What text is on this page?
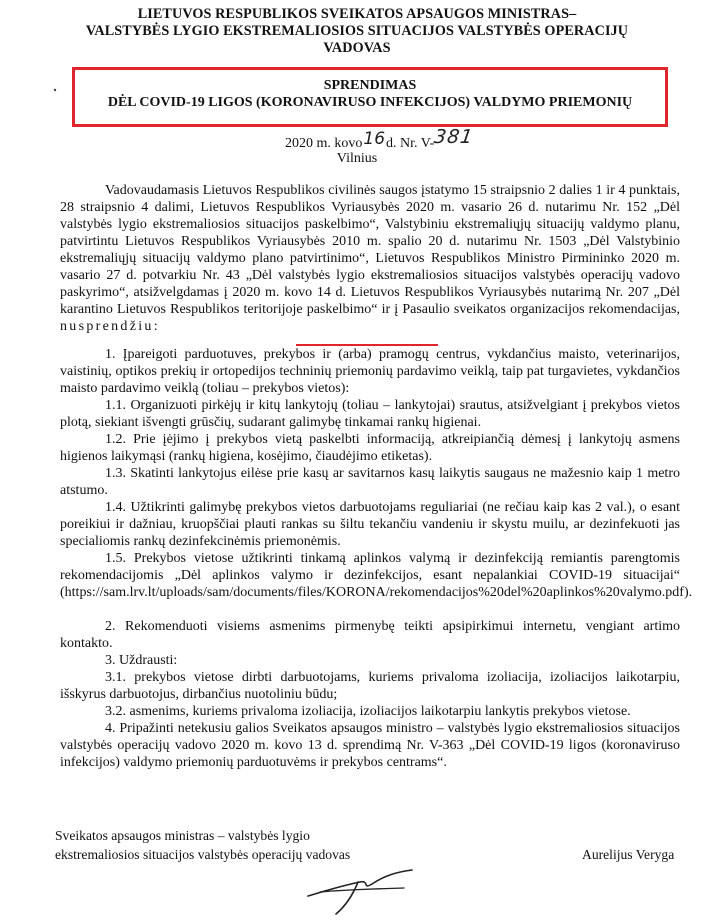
LIETUVOS RESPUBLIKOS SVEIKATOS APSAUGOS MINISTRAS–
VALSTYBĖS LYGIO EKSTREMALIOSIOS SITUACIJOS VALSTYBĖS OPERACIJŲ
VADOVAS
SPRENDIMAS
DĖL COVID-19 LIGOS (KORONAVIRUSO INFEKCIJOS) VALDYMO PRIEMONIŲ
2020 m. kovo16d. Nr. V-381
Vilnius
Vadovaudamasis Lietuvos Respublikos civilinės saugos įstatymo 15 straipsnio 2 dalies 1 ir 4 punktais, 28 straipsnio 4 dalimi, Lietuvos Respublikos Vyriausybės 2020 m. vasario 26 d. nutarimu Nr. 152 „Dėl valstybės lygio ekstremaliosios situacijos paskelbimo“, Valstybiniu ekstremaliųjų situacijų valdymo planu, patvirtintu Lietuvos Respublikos Vyriausybės 2010 m. spalio 20 d. nutarimu Nr. 1503 „Dėl Valstybinio ekstremaliųjų situacijų valdymo plano patvirtinimo“, Lietuvos Respublikos Ministro Pirmininko 2020 m. vasario 27 d. potvarkiu Nr. 43 „Dėl valstybės lygio ekstremaliosios situacijos valstybės operacijų vadovo paskyrimo“, atsižvelgdamas į 2020 m. kovo 14 d. Lietuvos Respublikos Vyriausybės nutarimą Nr. 207 „Dėl karantino Lietuvos Respublikos teritorijoje paskelbimo“ ir į Pasaulio sveikatos organizacijos rekomendacijas, nusprendžiu:
1. Įpareigoti parduotuves, prekybos ir (arba) pramogų centrus, vykdančius maisto, veterinarijos, vaistinių, optikos prekių ir ortopedijos techninių priemonių pardavimo veiklą, taip pat turgavietes, vykdančios maisto pardavimo veiklą (toliau – prekybos vietos):
1.1. Organizuoti pirkėjų ir kitų lankytojų (toliau – lankytojai) srautus, atsižvelgiant į prekybos vietos plotą, siekiant išvengti grūsčių, sudarant galimybę tinkamai rankų higienai.
1.2. Prie įėjimo į prekybos vietą paskelbti informaciją, atkreipiančią dėmesį į lankytojų asmens higienos laikymąsi (rankų higiena, kosėjimo, čiaudėjimo etiketas).
1.3. Skatinti lankytojus eilėse prie kasų ar savitarnos kasų laikytis saugaus ne mažesnio kaip 1 metro atstumo.
1.4. Užtikrinti galimybę prekybos vietos darbuotojams reguliariai (ne rečiau kaip kas 2 val.), o esant poreikiui ir dažniau, kruopščiai plauti rankas su šiltu tekančiu vandeniu ir skystu muilu, ar dezinfekuoti jas specialiomis rankų dezinfekcinėmis priemonėmis.
1.5. Prekybos vietose užtikrinti tinkamą aplinkos valymą ir dezinfekciją remiantis parengtomis rekomendacijomis „Dėl aplinkos valymo ir dezinfekcijos, esant nepalankiai COVID-19 situacijai“ (https://sam.lrv.lt/uploads/sam/documents/files/KORONA/rekomendacijos%20del%20aplinkos%20valymo.pdf).
2. Rekomenduoti visiems asmenims pirmenybę teikti apsipirkimui internetu, vengiant artimo kontakto.
3. Uždrausti:
3.1. prekybos vietose dirbti darbuotojams, kuriems privaloma izoliacija, izoliacijos laikotarpiu, išskyrus darbuotojus, dirbančius nuotoliniu būdu;
3.2. asmenims, kuriems privaloma izoliacija, izoliacijos laikotarpiu lankytis prekybos vietose.
4. Pripažinti netekusiu galios Sveikatos apsaugos ministro – valstybės lygio ekstremaliosios situacijos valstybės operacijų vadovo 2020 m. kovo 13 d. sprendimą Nr. V-363 „Dėl COVID-19 ligos (koronaviruso infekcijos) valdymo priemonių parduotuvėms ir prekybos centrams“.
Sveikatos apsaugos ministras – valstybės lygio
ekstremaliosios situacijos valstybės operacijų vadovas	Aurelijus Veryga
